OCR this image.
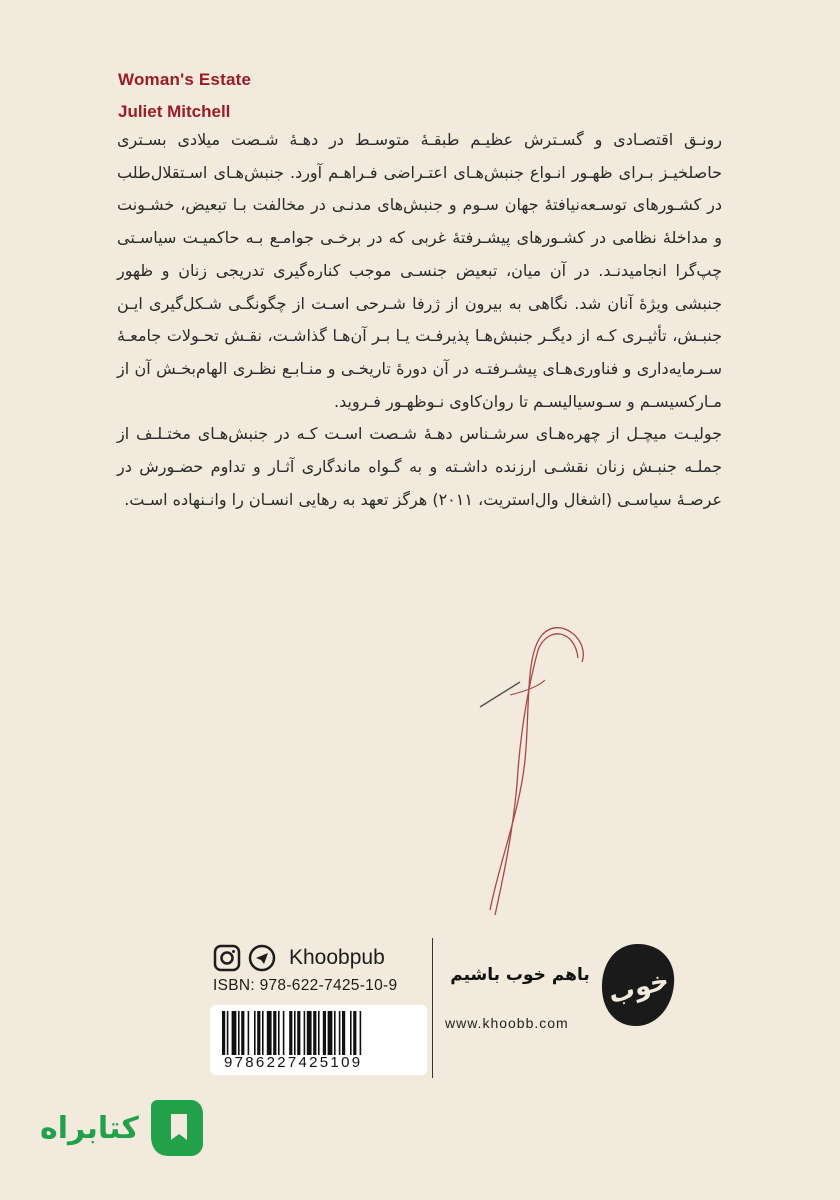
Woman's Estate
Juliet Mitchell

رونـق اقتصـادی و گسـترش عظیـم طبقـۀ متوسـط در دهـۀ شـصت میلادی بسـتری حاصلخیـز بـرای ظهـور انـواع جنبش‌هـای اعتـراضی فـراهـم آورد. جنبش‌هـای اسـتقلال‌طلب در کشـورهای توسـعه‌نیافتۀ جهان سـوم و جنبش‌های مدنـی در مخالفت بـا تبعیض، خشـونت و مداخلۀ نظامی در کشـورهای پیشـرفتۀ غربی که در برخـی جوامـع بـه حاکمیـت سیاسـتی چپ‌گرا انجامیدنـد. در آن میان، تبعیض جنسـی موجب کناره‌گیری تدریجی زنان و ظهور جنبشی ویژۀ آنان شد. نگاهی به بیرون از ژرفا شـرحی اسـت از چگونگـی شـکل‌گیری ایـن جنبـش، تأثیـری کـه از دیگـر جنبش‌هـا پذیرفـت یـا بـر آن‌هـا گذاشـت، نقـش تحـولات جامعـۀ سـرمایه‌داری و فناوری‌هـای پیشـرفتـه در آن دورۀ تاریخـی و منـابـع نظـری الهام‌بخـش آن از مـارکسیسـم و سـوسیالیسـم تا روان‌کاوی نـوظهـور فـروید.

جولیـت میچـل از چهره‌هـای سرشـناس دهـۀ شـصت اسـت کـه در جنبش‌هـای مختـلـف از جملـه جنبـش زنان نقشـی ارزنده داشـته و به گـواه ماندگاری آثـار و تداوم حضـورش در عرصـۀ سیاسـی (اشغال وال‌استریت، ۲۰۱۱) هرگز تعهد به رهایی انسـان را وانـنهاده اسـت.

Khoobpub
ISBN: 978-622-7425-10-9
9786227425109
باهم خوب باشیم
www.khoobb.com
خوب
کتابراه
